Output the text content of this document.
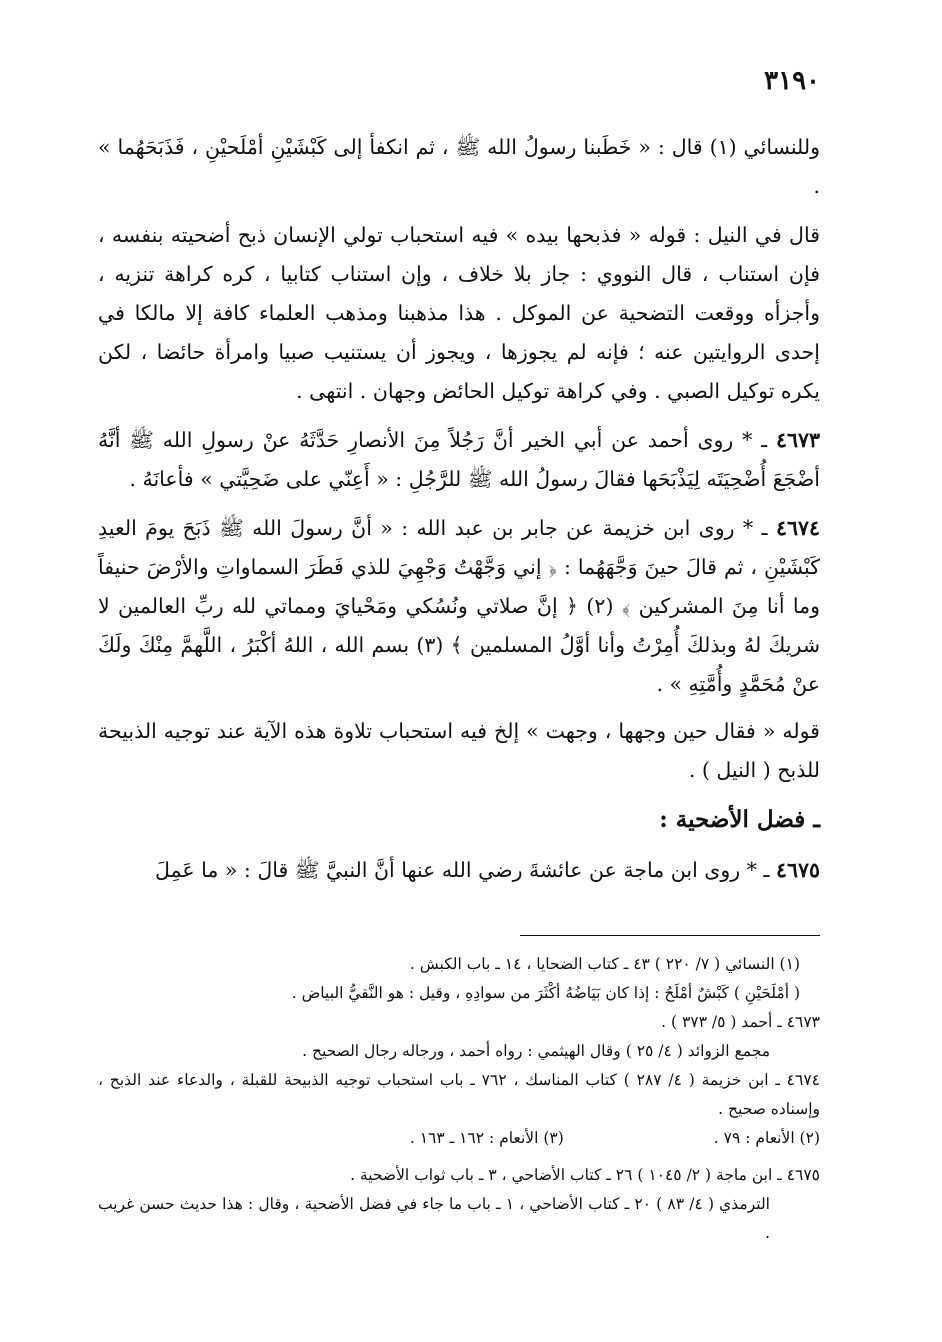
٣١٩٠

وللنسائي (١) قال : « خَطَبنا رسولُ الله ﷺ ، ثم انكفأ إلى كَبْشَيْنِ أمْلَحيْنِ ، فَذَبَحَهُما » .

قال في النيل : قوله « فذبحها بيده » فيه استحباب تولي الإنسان ذبح أضحيته بنفسه ، فإن استناب ، قال النووي : جاز بلا خلاف ، وإن استناب كتابيا ، كره كراهة تنزيه ، وأجزأه ووقعت التضحية عن الموكل . هذا مذهبنا ومذهب العلماء كافة إلا مالكا في إحدى الروايتين عنه ؛ فإنه لم يجوزها ، ويجوز أن يستنيب صبيا وامرأة حائضا ، لكن يكره توكيل الصبي . وفي كراهة توكيل الحائض وجهان . انتهى .

٤٦٧٣ ـ * روى أحمد عن أبي الخير أنَّ رَجُلاً مِنَ الأنصارِ حَدَّثَهُ عنْ رسولِ الله ﷺ أنَّهُ أضْجَعَ أُضْحِيَتَه لِيَذْبَحَها فقالَ رسولُ الله ﷺ للرَّجُلِ : « أَعِنّي على ضَحِيَّتي » فأعانَهُ .

٤٦٧٤ ـ * روى ابن خزيمة عن جابر بن عبد الله : « أنَّ رسولَ الله ﷺ ذَبَحَ يومَ العيدِ كَبْشَيْنِ ، ثم قالَ حينَ وَجَّهَهُما : ﴿ إني وَجَّهْتُ وَجْهِيَ للذي فَطَرَ السماواتِ والأرْضَ حنيفاً وما أنا مِنَ المشركين ﴾ (٢) ﴿ إنَّ صلاتي ونُسُكي ومَحْيايَ ومماتي لله ربِّ العالمين لا شريكَ لهُ وبذلكَ أُمِرْتُ وأنا أوَّلُ المسلمين ﴾ (٣) بسم الله ، اللهُ أكْبَرُ ، اللَّهمَّ مِنْكَ ولَكَ عنْ مُحَمَّدٍ وأُمَّتِهِ » .

قوله « فقال حين وجهها ، وجهت » إلخ فيه استحباب تلاوة هذه الآية عند توجيه الذبيحة للذبح ( النيل ) .

ـ فضل الأضحية :

٤٦٧٥ ـ * روى ابن ماجة عن عائشةَ رضي الله عنها أنَّ النبيَّ ﷺ قالَ : « ما عَمِلَ

(١) النسائي ( ٧/ ٢٢٠ ) ٤٣ ـ كتاب الضحايا ، ١٤ ـ باب الكبش .

( أمْلَحَيْنِ ) كَبْشٌ أمْلَحُ : إذا كان بَيَاضُهُ أكْثَرَ من سوادِهِ ، وقيل : هو النَّقيُّ البياض .

٤٦٧٣ ـ أحمد ( ٥/ ٣٧٣ ) .

مجمع الزوائد ( ٤/ ٢٥ ) وقال الهيثمي : رواه أحمد ، ورجاله رجال الصحيح .

٤٦٧٤ ـ ابن خزيمة ( ٤/ ٢٨٧ ) كتاب المناسك ، ٧٦٢ ـ باب استحباب توجيه الذبيحة للقبلة ، والدعاء عند الذبح ، وإسناده صحيح .

(٢) الأنعام : ٧٩ .
(٣) الأنعام : ١٦٢ ـ ١٦٣ .

٤٦٧٥ ـ ابن ماجة ( ٢/ ١٠٤٥ ) ٢٦ ـ كتاب الأضاحي ، ٣ ـ باب ثواب الأضحية .

الترمذي ( ٤/ ٨٣ ) ٢٠ ـ كتاب الأضاحي ، ١ ـ باب ما جاء في فضل الأضحية ، وقال : هذا حديث حسن غريب .
